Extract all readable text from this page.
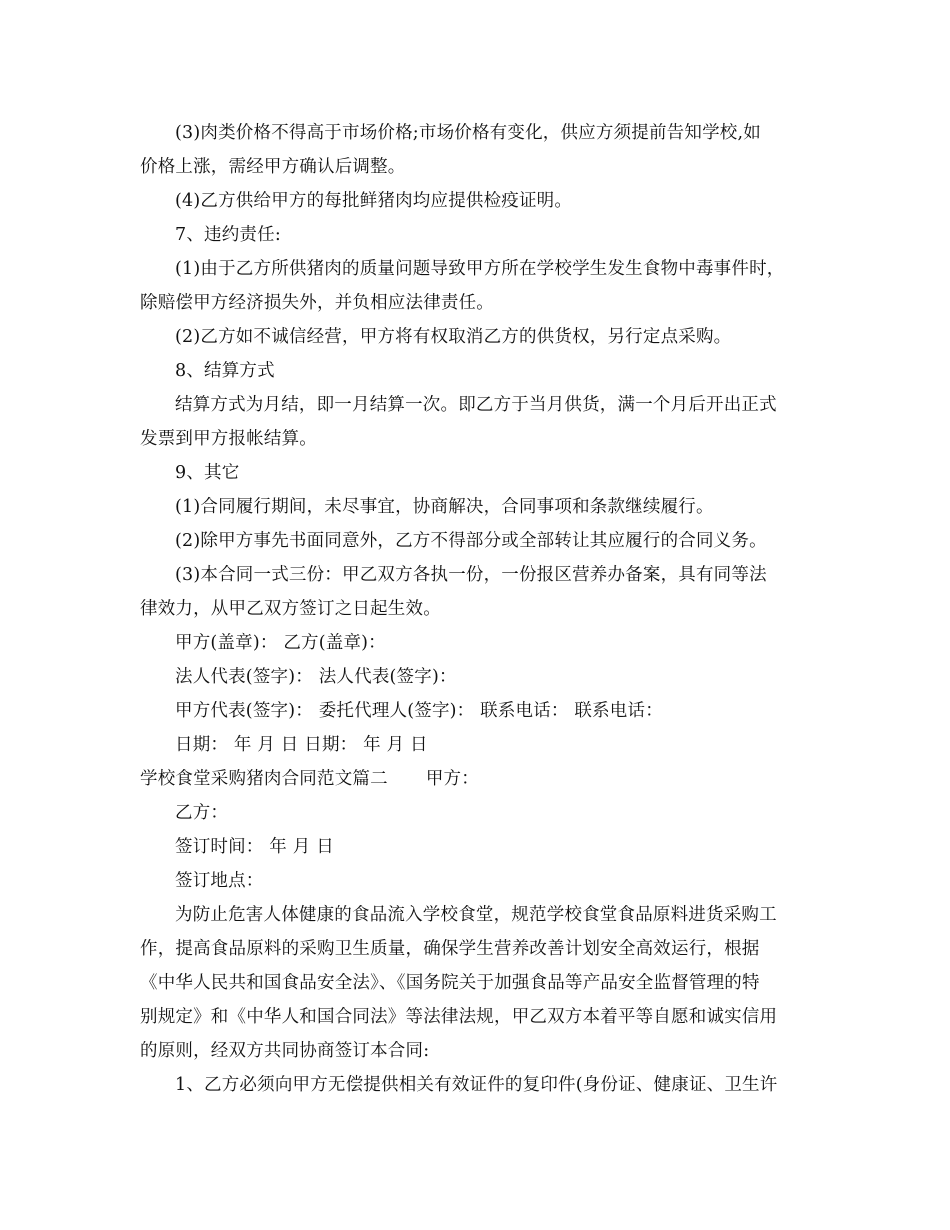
(3)肉类价格不得高于市场价格;市场价格有变化，供应方须提前告知学校,如
价格上涨，需经甲方确认后调整。
(4)乙方供给甲方的每批鲜猪肉均应提供检疫证明。
7、违约责任:
(1)由于乙方所供猪肉的质量问题导致甲方所在学校学生发生食物中毒事件时，
除赔偿甲方经济损失外，并负相应法律责任。
(2)乙方如不诚信经营，甲方将有权取消乙方的供货权，另行定点采购。
8、结算方式
结算方式为月结，即一月结算一次。即乙方于当月供货，满一个月后开出正式
发票到甲方报帐结算。
9、其它
(1)合同履行期间，未尽事宜，协商解决，合同事项和条款继续履行。
(2)除甲方事先书面同意外，乙方不得部分或全部转让其应履行的合同义务。
(3)本合同一式三份：甲乙双方各执一份，一份报区营养办备案，具有同等法
律效力，从甲乙双方签订之日起生效。
甲方(盖章)： 乙方(盖章)：
法人代表(签字)： 法人代表(签字)：
甲方代表(签字)： 委托代理人(签字)： 联系电话： 联系电话：
日期： 年 月 日 日期： 年 月 日
学校食堂采购猪肉合同范文篇二 甲方：
乙方：
签订时间： 年 月 日
签订地点：
为防止危害人体健康的食品流入学校食堂，规范学校食堂食品原料进货采购工
作，提高食品原料的采购卫生质量，确保学生营养改善计划安全高效运行，根据
《中华人民共和国食品安全法》、《国务院关于加强食品等产品安全监督管理的特
别规定》和《中华人和国合同法》等法律法规，甲乙双方本着平等自愿和诚实信用
的原则，经双方共同协商签订本合同:
1、乙方必须向甲方无偿提供相关有效证件的复印件(身份证、健康证、卫生许
